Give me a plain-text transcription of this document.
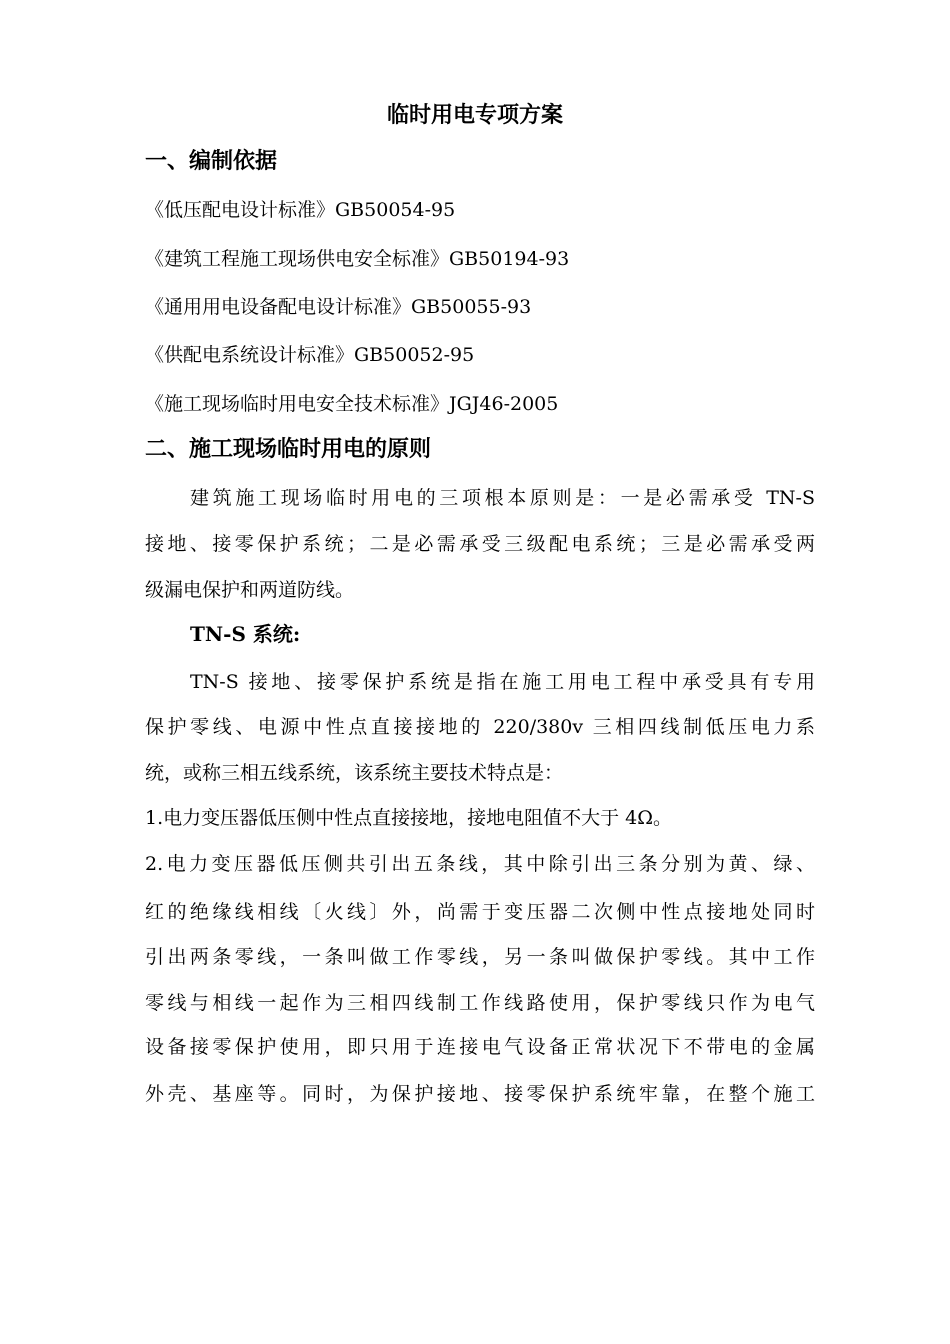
临时用电专项方案
一、编制依据
《低压配电设计标准》GB50054-95
《建筑工程施工现场供电安全标准》GB50194-93
《通用用电设备配电设计标准》GB50055-93
《供配电系统设计标准》GB50052-95
《施工现场临时用电安全技术标准》JGJ46-2005
二、施工现场临时用电的原则
建筑施工现场临时用电的三项根本原则是：一是必需承受 TN-S
接地、接零保护系统；二是必需承受三级配电系统；三是必需承受两
级漏电保护和两道防线。
TN-S 系统:
TN-S 接地、接零保护系统是指在施工用电工程中承受具有专用
保护零线、电源中性点直接接地的 220/380v 三相四线制低压电力系
统，或称三相五线系统，该系统主要技术特点是：
1.电力变压器低压侧中性点直接接地，接地电阻值不大于 4Ω。
2.电力变压器低压侧共引出五条线，其中除引出三条分别为黄、绿、
红的绝缘线相线〔火线〕外，尚需于变压器二次侧中性点接地处同时
引出两条零线，一条叫做工作零线，另一条叫做保护零线。其中工作
零线与相线一起作为三相四线制工作线路使用，保护零线只作为电气
设备接零保护使用，即只用于连接电气设备正常状况下不带电的金属
外壳、基座等。同时，为保护接地、接零保护系统牢靠，在整个施工
